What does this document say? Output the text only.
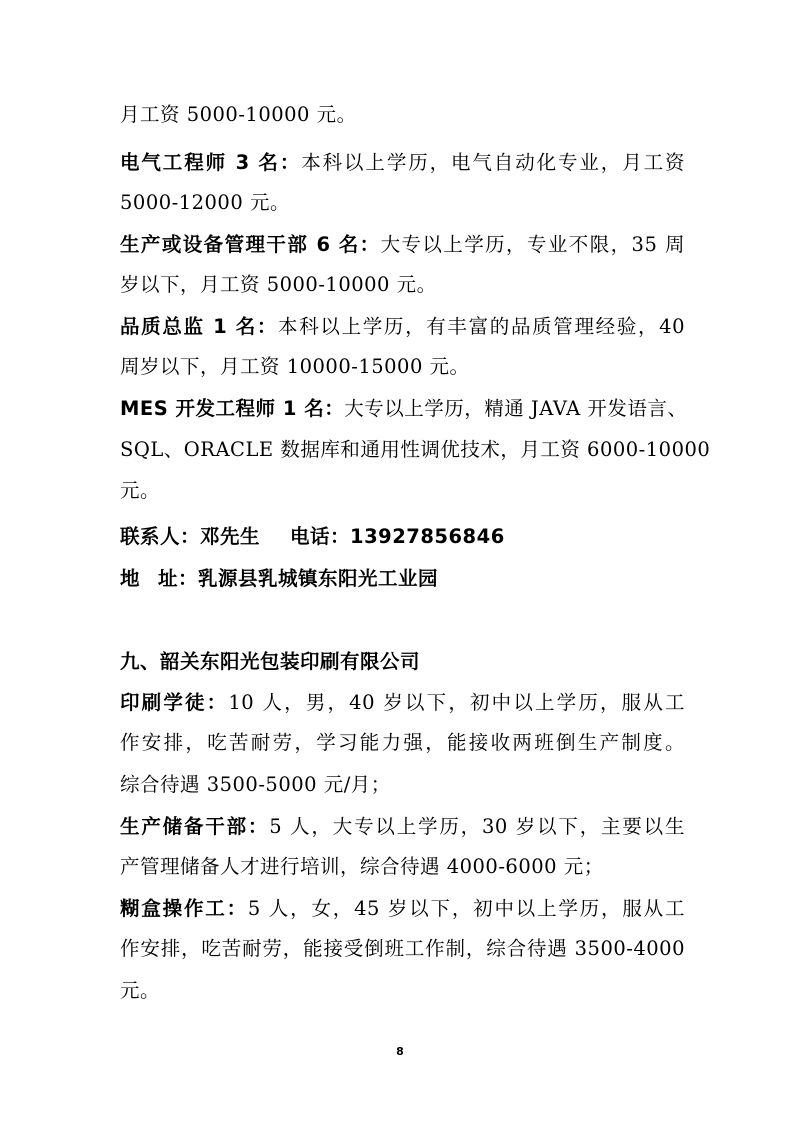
月工资 5000-10000 元。
电气工程师 3 名：本科以上学历，电气自动化专业，月工资
5000-12000 元。
生产或设备管理干部 6 名：大专以上学历，专业不限，35 周
岁以下，月工资 5000-10000 元。
品质总监 1 名：本科以上学历，有丰富的品质管理经验，40
周岁以下，月工资 10000-15000 元。
MES 开发工程师 1 名：大专以上学历，精通 JAVA 开发语言、
SQL、ORACLE 数据库和通用性调优技术，月工资 6000-10000
元。
联系人：邓先生 电话：13927856846
地 址：乳源县乳城镇东阳光工业园
九、韶关东阳光包装印刷有限公司
印刷学徒：10 人，男，40 岁以下，初中以上学历，服从工
作安排，吃苦耐劳，学习能力强，能接收两班倒生产制度。
综合待遇 3500-5000 元/月；
生产储备干部：5 人，大专以上学历，30 岁以下，主要以生
产管理储备人才进行培训，综合待遇 4000-6000 元；
糊盒操作工：5 人，女，45 岁以下，初中以上学历，服从工
作安排，吃苦耐劳，能接受倒班工作制，综合待遇 3500-4000
元。
8
